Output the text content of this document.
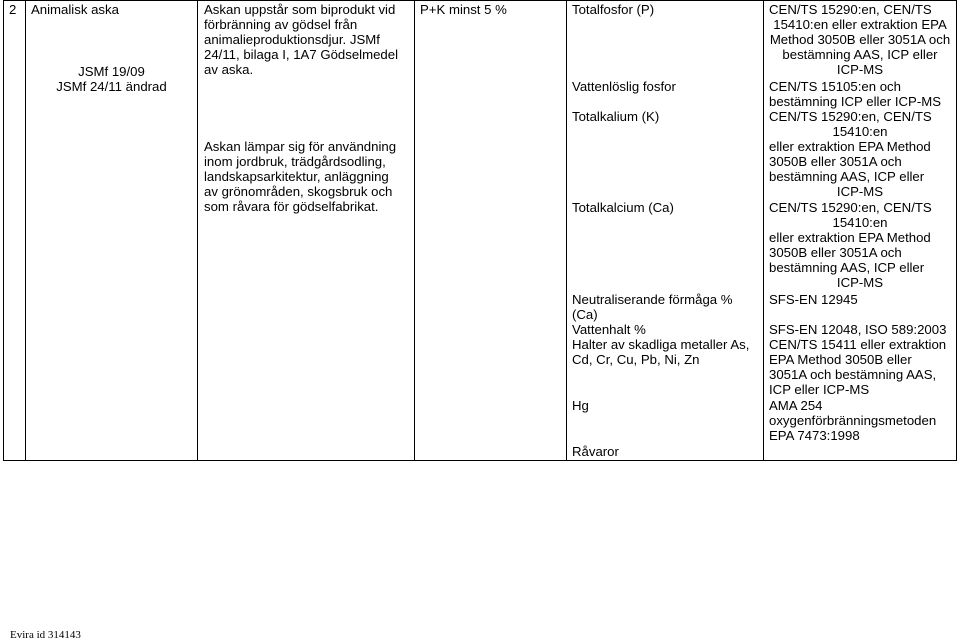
2 Animalisk aska
JSMf 19/09
JSMf 24/11 ändrad
Askan uppstår som biprodukt vid
förbränning av gödsel från
animalieproduktionsdjur. JSMf
24/11, bilaga I, 1A7 Gödselmedel
av aska.
Askan lämpar sig för användning
inom jordbruk, trädgårdsodling,
landskapsarkitektur, anläggning
av grönområden, skogsbruk och
som råvara för gödselfabrikat.
P+K minst 5 %	Totalfosfor (P)
Vattenlöslig fosfor
Totalkalium (K)
Totalkalcium (Ca)
Neutraliserande förmåga %
(Ca)
Vattenhalt %
Halter av skadliga metaller As,
Cd, Cr, Cu, Pb, Ni, Zn
Hg
Råvaror
CEN/TS 15290:en, CEN/TS
15410:en eller extraktion EPA
Method 3050B eller 3051A och
bestämning AAS, ICP eller
ICP-MS
CEN/TS 15105:en och
bestämning ICP eller ICP-MS
CEN/TS 15290:en, CEN/TS
15410:en
eller extraktion EPA Method
3050B eller 3051A och
bestämning AAS, ICP eller
ICP-MS
CEN/TS 15290:en, CEN/TS
15410:en
eller extraktion EPA Method
3050B eller 3051A och
bestämning AAS, ICP eller
ICP-MS
SFS-EN 12945
SFS-EN 12048, ISO 589:2003
CEN/TS 15411 eller extraktion
EPA Method 3050B eller
3051A och bestämning AAS,
ICP eller ICP-MS
AMA 254
oxygenförbränningsmetoden
EPA 7473:1998
Evira id 314143
